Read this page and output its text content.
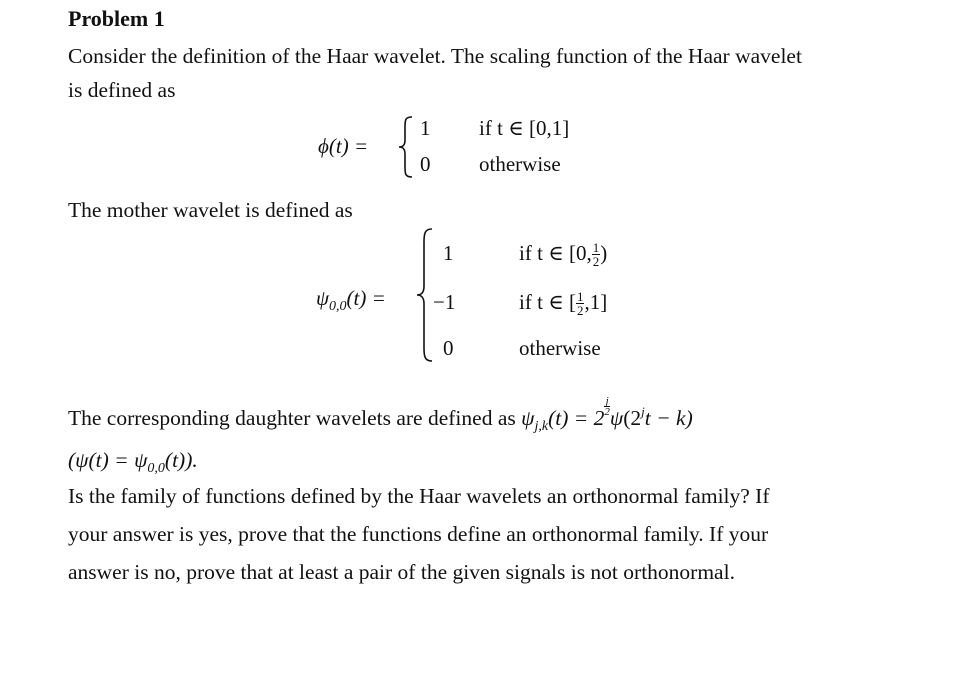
Problem 1
Consider the definition of the Haar wavelet. The scaling function of the Haar wavelet
is defined as
ϕ(t) =
1 if t ∈ [0,1]
0 otherwise
The mother wavelet is defined as
$\psi_{0,0}(t)$ =
1	if t ∈ [0, $\frac{1}{2}$ )
−1	if t ∈ [ $\frac{1}{2} ,1$]
0	otherwise
The corresponding daughter wavelets are defined as $\psi_{j,k}(t) = 2 \frac{j}{2} \psi(2^jt - k)$
$(\psi(t) = \psi_{0,0}(t))$.
Is the family of functions defined by the Haar wavelets an orthonormal family? If
your answer is yes, prove that the functions define an orthonormal family. If your
answer is no, prove that at least a pair of the given signals is not orthonormal.
